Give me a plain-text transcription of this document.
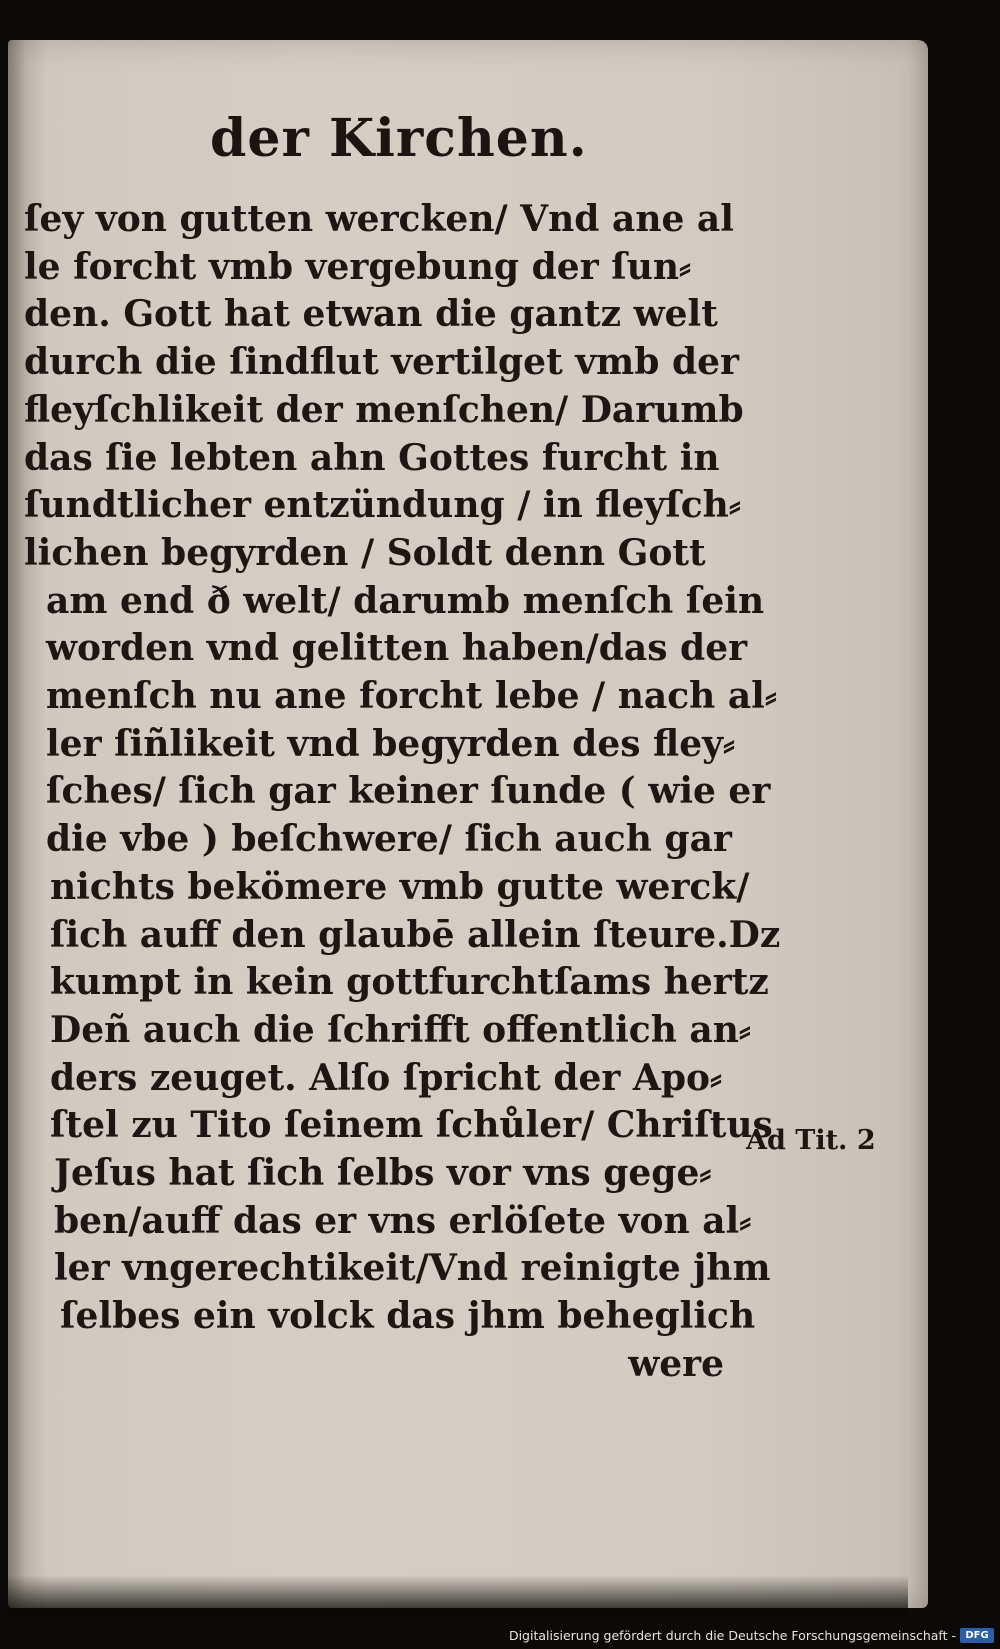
der Kirchen.
ſey von gutten wercken/ Vnd ane al
le forcht vmb vergebung der ſun⸗
den. Gott hat etwan die gantz welt
durch die ſindflut vertilget vmb der
fleyſchlikeit der menſchen/ Darumb
das ſie lebten ahn Gottes furcht in
ſundtlicher entzündung / in fleyſch⸗
lichen begyrden / Soldt denn Gott
am end ð welt/ darumb menſch ſein
worden vnd gelitten haben/das der
menſch nu ane forcht lebe / nach al⸗
ler ſiñlikeit vnd begyrden des fley⸗
ſches/ ſich gar keiner ſunde ( wie er
die vbe ) beſchwere/ ſich auch gar
nichts bekömere vmb gutte werck/
ſich auff den glaubē allein ſteure.Dz
kumpt in kein gottfurchtſams hertz
Deñ auch die ſchrifft offentlich an⸗
ders zeuget. Alſo ſpricht der Apo⸗
ſtel zu Tito ſeinem ſchůler/ Chriſtus
Jeſus hat ſich ſelbs vor vns gege⸗
ben/auff das er vns erlöſete von al⸗
ler vngerechtikeit/Vnd reinigte jhm
ſelbes ein volck das jhm beheglich
were
Ad Tit. 2
Digitalisierung gefördert durch die Deutsche Forschungsgemeinschaft - DFG
